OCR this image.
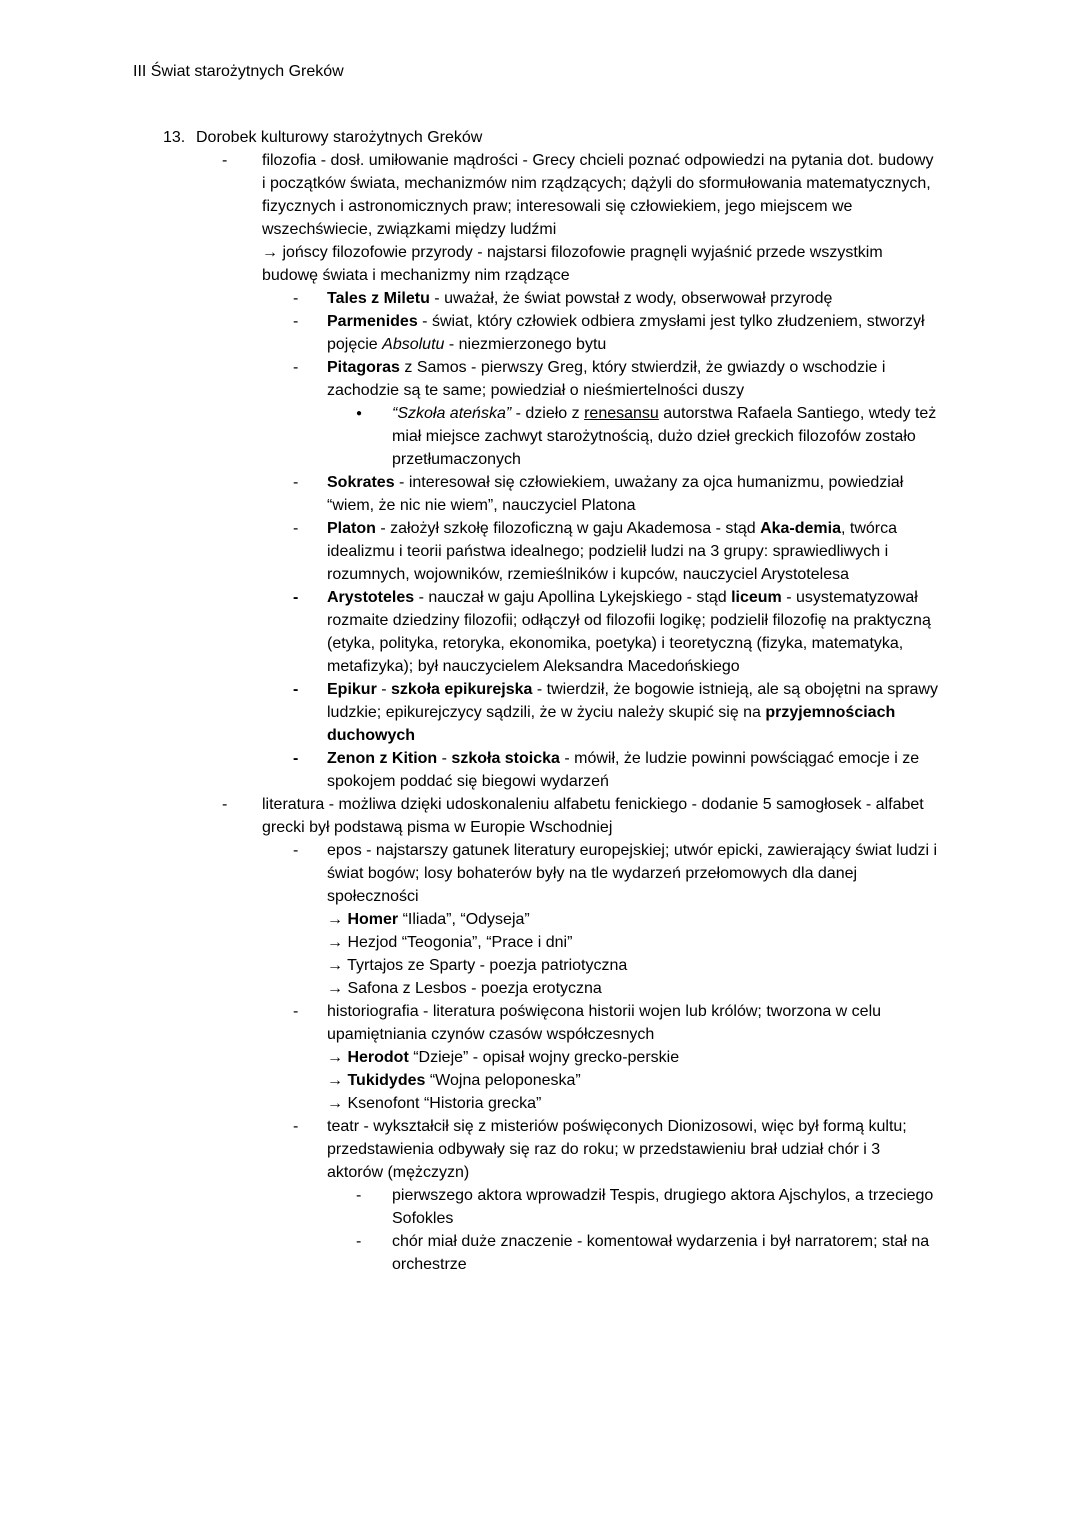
III Świat starożytnych Greków
13. Dorobek kulturowy starożytnych Greków
- filozofia - dosł. umiłowanie mądrości - Grecy chcieli poznać odpowiedzi na pytania dot. budowy i początków świata, mechanizmów nim rządzących; dążyli do sformułowania matematycznych, fizycznych i astronomicznych praw; interesowali się człowiekiem, jego miejscem we wszechświecie, związkami między ludźmi
→ jońscy filozofowie przyrody - najstarsi filozofowie pragnęli wyjaśnić przede wszystkim budowę świata i mechanizmy nim rządzące
- Tales z Miletu - uważał, że świat powstał z wody, obserwował przyrodę
- Parmenides - świat, który człowiek odbiera zmysłami jest tylko złudzeniem, stworzył pojęcie Absolutu - niezmierzonego bytu
- Pitagoras z Samos - pierwszy Greg, który stwierdził, że gwiazdy o wschodzie i zachodzie są te same; powiedział o nieśmiertelności duszy
● “Szkoła ateńska” - dzieło z renesansu autorstwa Rafaela Santiego, wtedy też miał miejsce zachwyt starożytnością, dużo dzieł greckich filozofów zostało przetłumaczonych
- Sokrates - interesował się człowiekiem, uważany za ojca humanizmu, powiedział “wiem, że nic nie wiem”, nauczyciel Platona
- Platon - założył szkołę filozoficzną w gaju Akademosa - stąd Aka-demia, twórca idealizmu i teorii państwa idealnego; podzielił ludzi na 3 grupy: sprawiedliwych i rozumnych, wojowników, rzemieślników i kupców, nauczyciel Arystotelesa
- Arystoteles - nauczał w gaju Apollina Lykejskiego - stąd liceum - usystematyzował rozmaite dziedziny filozofii; odłączył od filozofii logikę; podzielił filozofię na praktyczną (etyka, polityka, retoryka, ekonomika, poetyka) i teoretyczną (fizyka, matematyka, metafizyka); był nauczycielem Aleksandra Macedońskiego
- Epikur - szkoła epikurejska - twierdził, że bogowie istnieją, ale są obojętni na sprawy ludzkie; epikurejczycy sądzili, że w życiu należy skupić się na przyjemnościach duchowych
- Zenon z Kition - szkoła stoicka - mówił, że ludzie powinni powściągać emocje i ze spokojem poddać się biegowi wydarzeń
- literatura - możliwa dzięki udoskonaleniu alfabetu fenickiego - dodanie 5 samogłosek - alfabet grecki był podstawą pisma w Europie Wschodniej
- epos - najstarszy gatunek literatury europejskiej; utwór epicki, zawierający świat ludzi i świat bogów; losy bohaterów były na tle wydarzeń przełomowych dla danej społeczności
→ Homer “Iliada”, “Odyseja”
→ Hezjod “Teogonia”, “Prace i dni”
→ Tyrtajos ze Sparty - poezja patriotyczna
→ Safona z Lesbos - poezja erotyczna
- historiografia - literatura poświęcona historii wojen lub królów; tworzona w celu upamiętniania czynów czasów współczesnych
→ Herodot “Dzieje” - opisał wojny grecko-perskie
→ Tukidydes “Wojna peloponeska”
→ Ksenofont “Historia grecka”
- teatr - wykształcił się z misteriów poświęconych Dionizosowi, więc był formą kultu; przedstawienia odbywały się raz do roku; w przedstawieniu brał udział chór i 3 aktorów (mężczyzn)
- pierwszego aktora wprowadził Tespis, drugiego aktora Ajschylos, a trzeciego Sofokles
- chór miał duże znaczenie - komentował wydarzenia i był narratorem; stał na orchestrze
